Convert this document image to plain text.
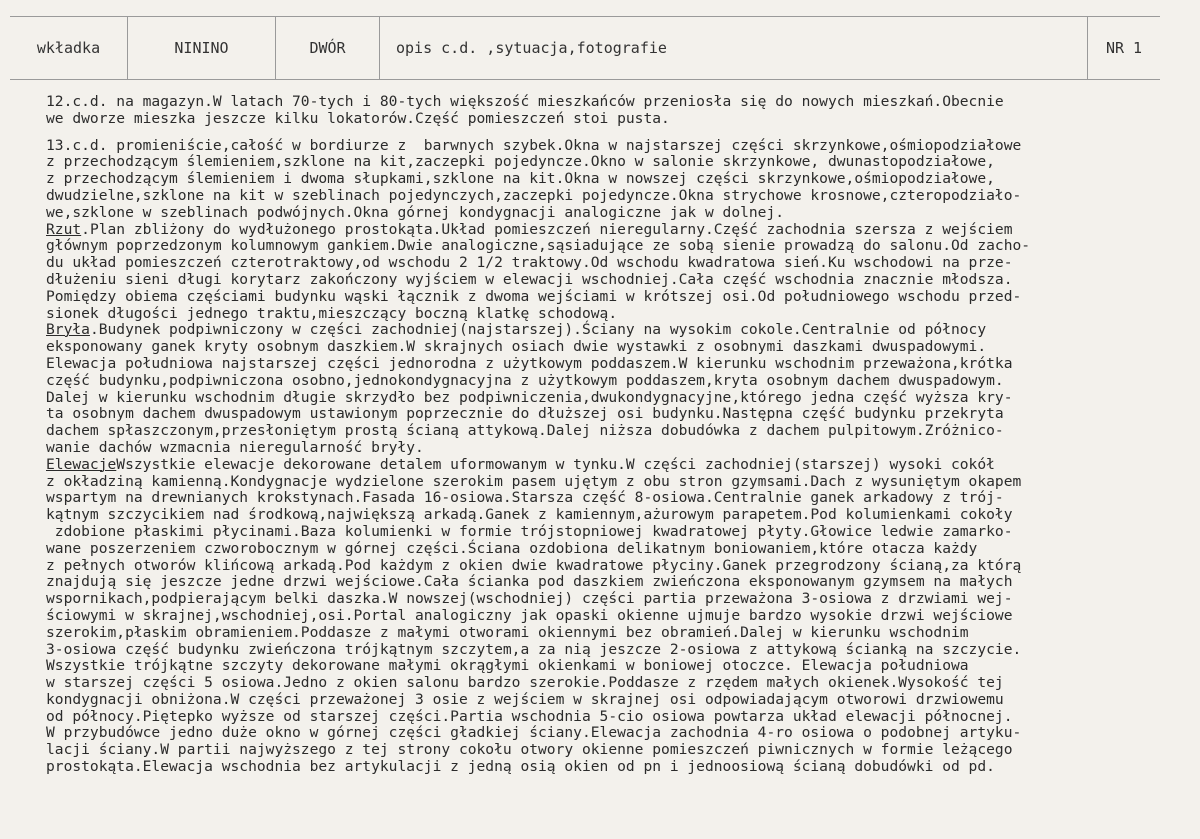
wkładka	NININO	DWÓR	opis c.d. ,sytuacja,fotografie	NR 1
12.c.d. na magazyn.W latach 70-tych i 80-tych większość mieszkańców przeniosła się do nowych mieszkań.Obecnie
we dworze mieszka jeszcze kilku lokatorów.Część pomieszczeń stoi pusta.
13.c.d. promieniście,całość w bordiurze z  barwnych szybek.Okna w najstarszej części skrzynkowe,ośmiopodziałowe
z przechodzącym ślemieniem,szklone na kit,zaczepki pojedyncze.Okno w salonie skrzynkowe, dwunastopodziałowe,
z przechodzącym ślemieniem i dwoma słupkami,szklone na kit.Okna w nowszej części skrzynkowe,ośmiopodziałowe,
dwudzielne,szklone na kit w szeblinach pojedynczych,zaczepki pojedyncze.Okna strychowe krosnowe,czteropodziało-
we,szklone w szeblinach podwójnych.Okna górnej kondygnacji analogiczne jak w dolnej.
Rzut.Plan zbliżony do wydłużonego prostokąta.Układ pomieszczeń nieregularny.Część zachodnia szersza z wejściem
głównym poprzedzonym kolumnowym gankiem.Dwie analogiczne,sąsiadujące ze sobą sienie prowadzą do salonu.Od zacho-
du układ pomieszczeń czterotraktowy,od wschodu 2 1/2 traktowy.Od wschodu kwadratowa sień.Ku wschodowi na prze-
dłużeniu sieni długi korytarz zakończony wyjściem w elewacji wschodniej.Cała część wschodnia znacznie młodsza.
Pomiędzy obiema częściami budynku wąski łącznik z dwoma wejściami w krótszej osi.Od południowego wschodu przed-
sionek długości jednego traktu,mieszczący boczną klatkę schodową.
Bryła.Budynek podpiwniczony w części zachodniej(najstarszej).Ściany na wysokim cokole.Centralnie od północy
eksponowany ganek kryty osobnym daszkiem.W skrajnych osiach dwie wystawki z osobnymi daszkami dwuspadowymi.
Elewacja południowa najstarszej części jednorodna z użytkowym poddaszem.W kierunku wschodnim przeważona,krótka
część budynku,podpiwniczona osobno,jednokondygnacyjna z użytkowym poddaszem,kryta osobnym dachem dwuspadowym.
Dalej w kierunku wschodnim długie skrzydło bez podpiwniczenia,dwukondygnacyjne,którego jedna część wyższa kry-
ta osobnym dachem dwuspadowym ustawionym poprzecznie do dłuższej osi budynku.Następna część budynku przekryta
dachem spłaszczonym,przesłoniętym prostą ścianą attykową.Dalej niższa dobudówka z dachem pulpitowym.Zróżnico-
wanie dachów wzmacnia nieregularność bryły.
ElewacjeWszystkie elewacje dekorowane detalem uformowanym w tynku.W części zachodniej(starszej) wysoki cokół
z okładziną kamienną.Kondygnacje wydzielone szerokim pasem ujętym z obu stron gzymsami.Dach z wysuniętym okapem
wspartym na drewnianych krokstynach.Fasada 16-osiowa.Starsza część 8-osiowa.Centralnie ganek arkadowy z trój-
kątnym szczycikiem nad środkową,największą arkadą.Ganek z kamiennym,ażurowym parapetem.Pod kolumienkami cokoły
zdobione płaskimi płycinami.Baza kolumienki w formie trójstopniowej kwadratowej płyty.Głowice ledwie zamarko-
wane poszerzeniem czworobocznym w górnej części.Ściana ozdobiona delikatnym boniowaniem,które otacza każdy
z pełnych otworów klińcową arkadą.Pod każdym z okien dwie kwadratowe płyciny.Ganek przegrodzony ścianą,za którą
znajdują się jeszcze jedne drzwi wejściowe.Cała ścianka pod daszkiem zwieńczona eksponowanym gzymsem na małych
wspornikach,podpierającym belki daszka.W nowszej(wschodniej) części partia przeważona 3-osiowa z drzwiami wej-
ściowymi w skrajnej,wschodniej,osi.Portal analogiczny jak opaski okienne ujmuje bardzo wysokie drzwi wejściowe
szerokim,płaskim obramieniem.Poddasze z małymi otworami okiennymi bez obramień.Dalej w kierunku wschodnim
3-osiowa część budynku zwieńczona trójkątnym szczytem,a za nią jeszcze 2-osiowa z attykową ścianką na szczycie.
Wszystkie trójkątne szczyty dekorowane małymi okrągłymi okienkami w boniowej otoczce. Elewacja południowa
w starszej części 5 osiowa.Jedno z okien salonu bardzo szerokie.Poddasze z rzędem małych okienek.Wysokość tej
kondygnacji obniżona.W części przeważonej 3 osie z wejściem w skrajnej osi odpowiadającym otworowi drzwiowemu
od północy.Piętерko wyższe od starszej części.Partia wschodnia 5-cio osiowa powtarza układ elewacji północnej.
W przybudówce jedno duże okno w górnej części gładkiej ściany.Elewacja zachodnia 4-ro osiowa o podobnej artyku-
lacji ściany.W partii najwyższego z tej strony cokołu otwory okienne pomieszczeń piwnicznych w formie leżącego
prostokąta.Elewacja wschodnia bez artykulacji z jedną osią okien od pn i jednoosiową ścianą dobudówki od pd.
